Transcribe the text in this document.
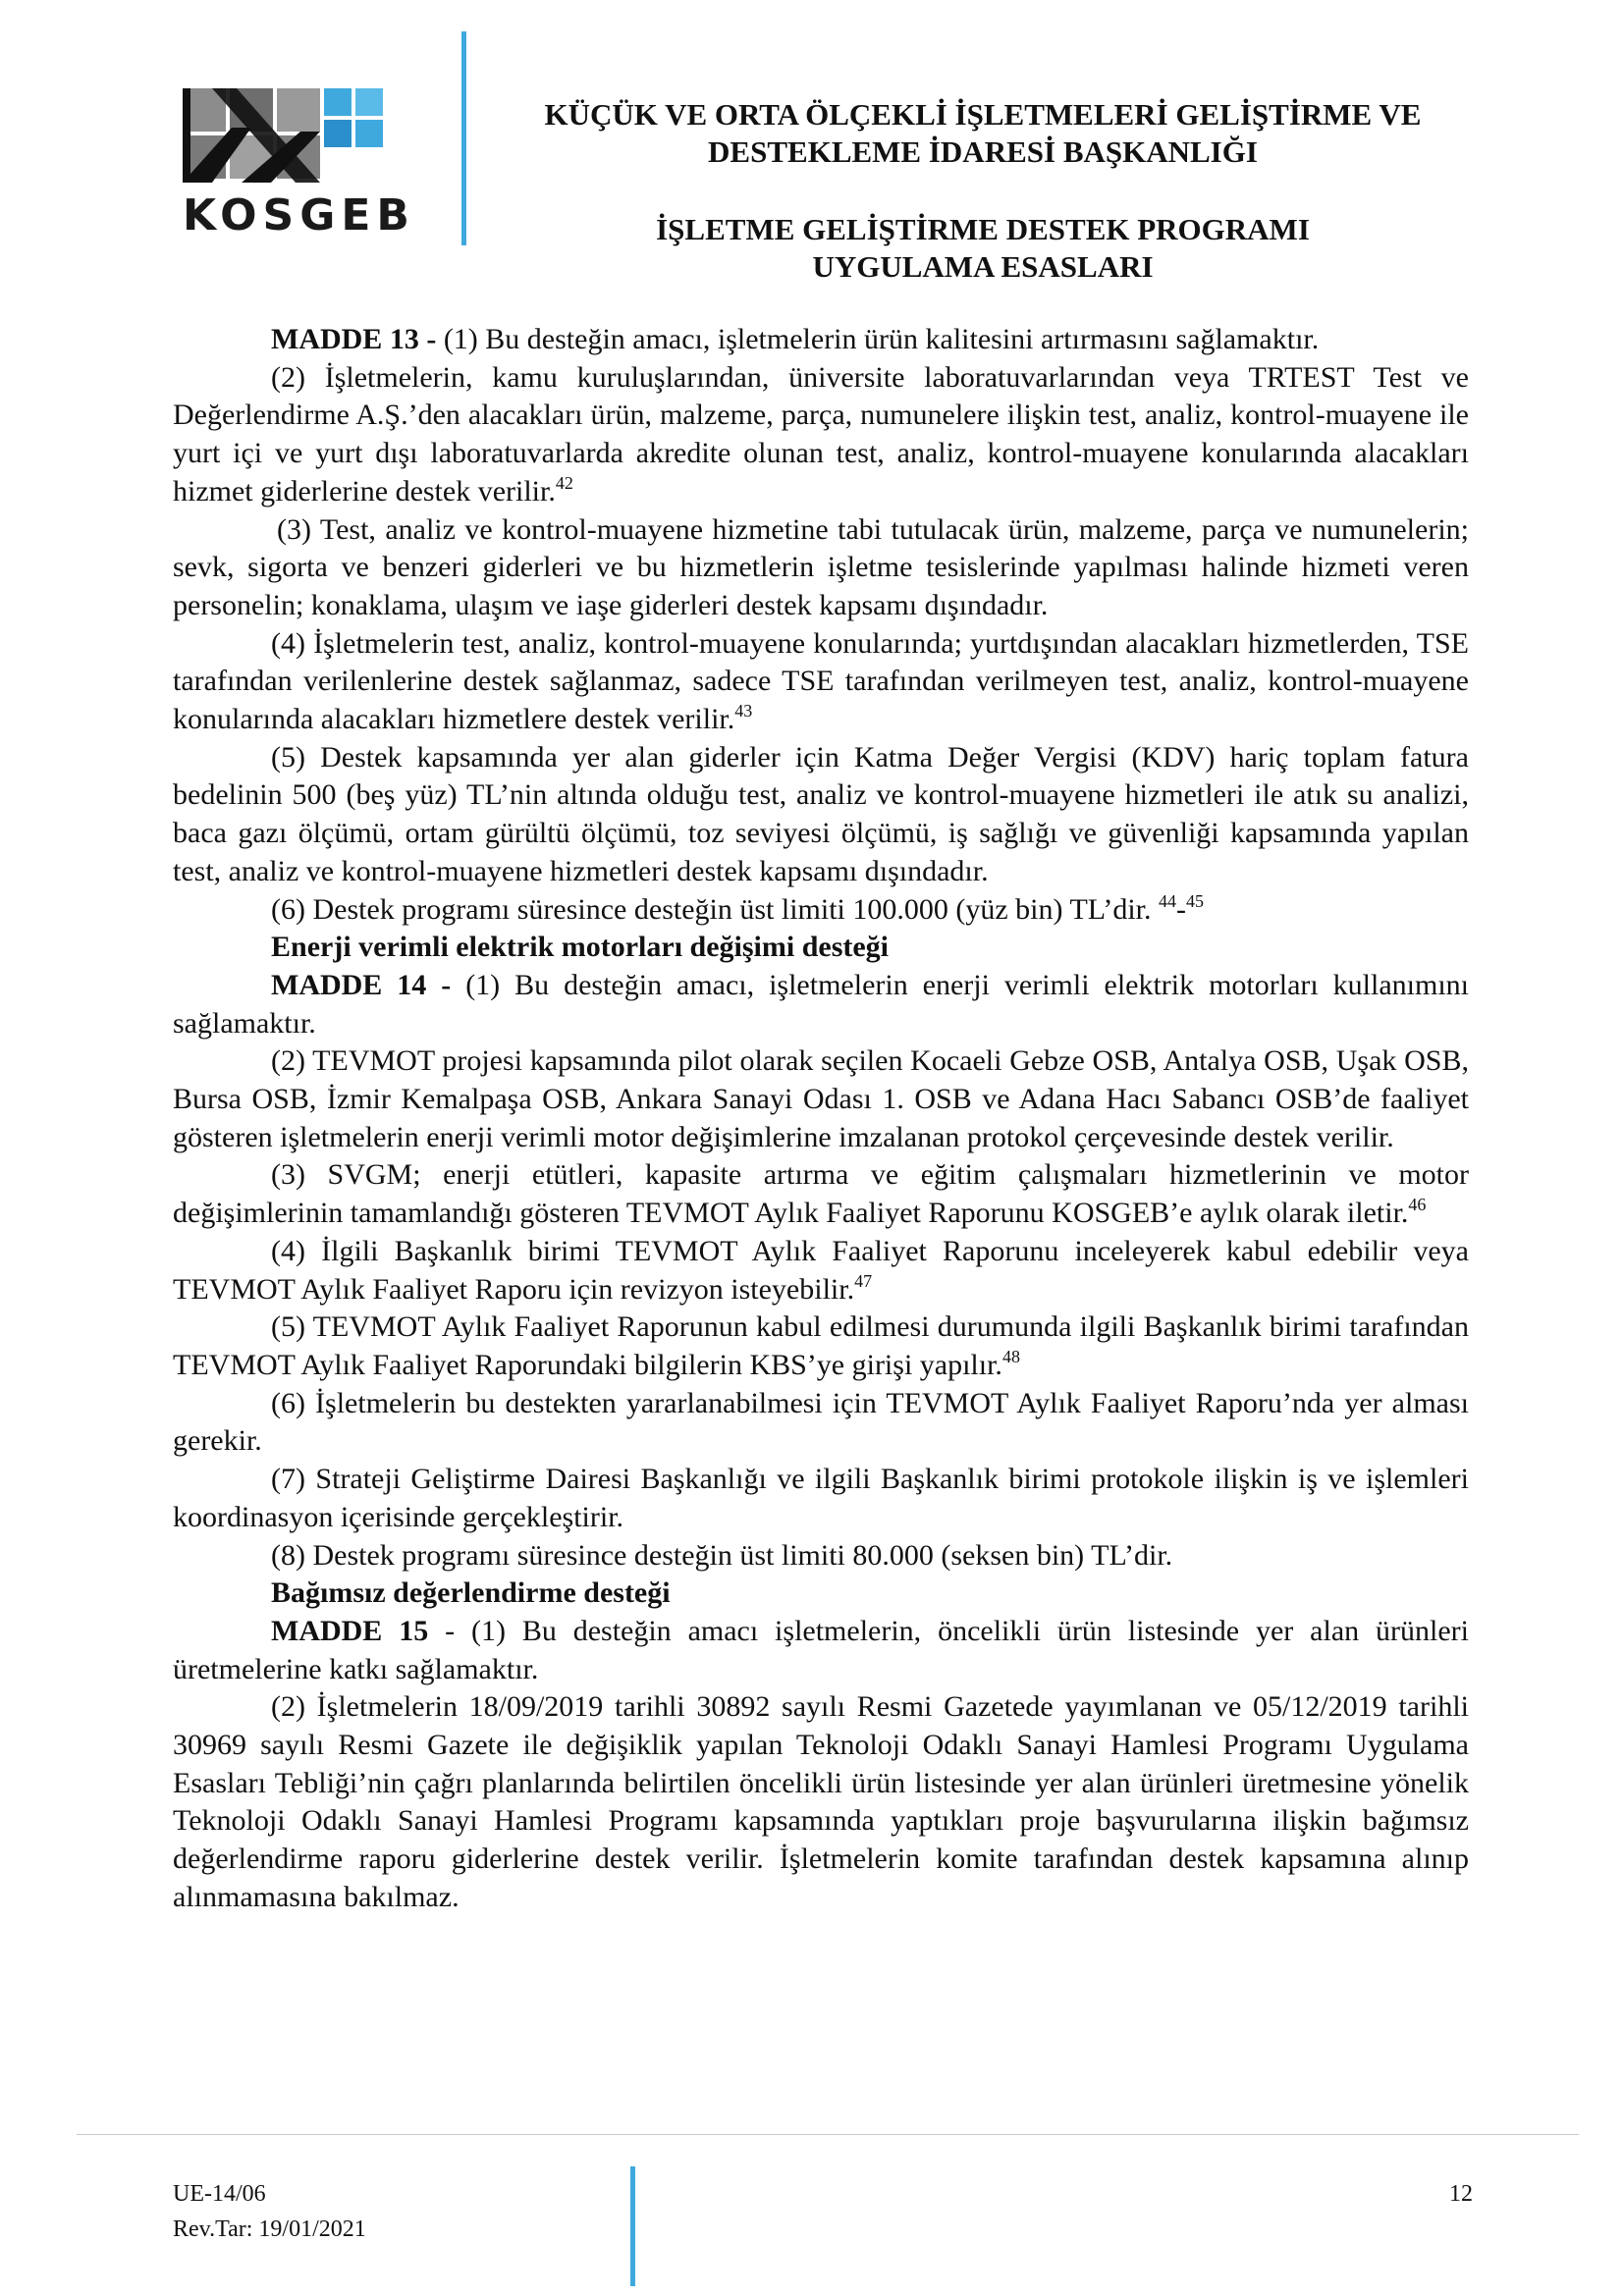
KOSGEB
KÜÇÜK VE ORTA ÖLÇEKLİ İŞLETMELERİ GELİŞTİRME VE
DESTEKLEME İDARESİ BAŞKANLIĞI
İŞLETME GELİŞTİRME DESTEK PROGRAMI
UYGULAMA ESASLARI

MADDE 13 - (1) Bu desteğin amacı, işletmelerin ürün kalitesini artırmasını sağlamaktır.

(2) İşletmelerin, kamu kuruluşlarından, üniversite laboratuvarlarından veya TRTEST Test ve Değerlendirme A.Ş.’den alacakları ürün, malzeme, parça, numunelere ilişkin test, analiz, kontrol-muayene ile yurt içi ve yurt dışı laboratuvarlarda akredite olunan test, analiz, kontrol-muayene konularında alacakları hizmet giderlerine destek verilir.$^{42}$

(3) Test, analiz ve kontrol-muayene hizmetine tabi tutulacak ürün, malzeme, parça ve numunelerin; sevk, sigorta ve benzeri giderleri ve bu hizmetlerin işletme tesislerinde yapılması halinde hizmeti veren personelin; konaklama, ulaşım ve iaşe giderleri destek kapsamı dışındadır.

(4) İşletmelerin test, analiz, kontrol-muayene konularında; yurtdışından alacakları hizmetlerden, TSE tarafından verilenlerine destek sağlanmaz, sadece TSE tarafından verilmeyen test, analiz, kontrol-muayene konularında alacakları hizmetlere destek verilir.$^{43}$

(5) Destek kapsamında yer alan giderler için Katma Değer Vergisi (KDV) hariç toplam fatura bedelinin 500 (beş yüz) TL’nin altında olduğu test, analiz ve kontrol-muayene hizmetleri ile atık su analizi, baca gazı ölçümü, ortam gürültü ölçümü, toz seviyesi ölçümü, iş sağlığı ve güvenliği kapsamında yapılan test, analiz ve kontrol-muayene hizmetleri destek kapsamı dışındadır.

(6) Destek programı süresince desteğin üst limiti 100.000 (yüz bin) TL’dir. $^{44}$-$^{45}$

Enerji verimli elektrik motorları değişimi desteği

MADDE 14 - (1) Bu desteğin amacı, işletmelerin enerji verimli elektrik motorları kullanımını sağlamaktır.

(2) TEVMOT projesi kapsamında pilot olarak seçilen Kocaeli Gebze OSB, Antalya OSB, Uşak OSB, Bursa OSB, İzmir Kemalpaşa OSB, Ankara Sanayi Odası 1. OSB ve Adana Hacı Sabancı OSB’de faaliyet gösteren işletmelerin enerji verimli motor değişimlerine imzalanan protokol çerçevesinde destek verilir.

(3) SVGM; enerji etütleri, kapasite artırma ve eğitim çalışmaları hizmetlerinin ve motor değişimlerinin tamamlandığı gösteren TEVMOT Aylık Faaliyet Raporunu KOSGEB’e aylık olarak iletir.$^{46}$

(4) İlgili Başkanlık birimi TEVMOT Aylık Faaliyet Raporunu inceleyerek kabul edebilir veya TEVMOT Aylık Faaliyet Raporu için revizyon isteyebilir.$^{47}$

(5) TEVMOT Aylık Faaliyet Raporunun kabul edilmesi durumunda ilgili Başkanlık birimi tarafından TEVMOT Aylık Faaliyet Raporundaki bilgilerin KBS’ye girişi yapılır.$^{48}$

(6) İşletmelerin bu destekten yararlanabilmesi için TEVMOT Aylık Faaliyet Raporu’nda yer alması gerekir.

(7) Strateji Geliştirme Dairesi Başkanlığı ve ilgili Başkanlık birimi protokole ilişkin iş ve işlemleri koordinasyon içerisinde gerçekleştirir.

(8) Destek programı süresince desteğin üst limiti 80.000 (seksen bin) TL’dir.

Bağımsız değerlendirme desteği

MADDE 15 - (1) Bu desteğin amacı işletmelerin, öncelikli ürün listesinde yer alan ürünleri üretmelerine katkı sağlamaktır.

(2) İşletmelerin 18/09/2019 tarihli 30892 sayılı Resmi Gazetede yayımlanan ve 05/12/2019 tarihli 30969 sayılı Resmi Gazete ile değişiklik yapılan Teknoloji Odaklı Sanayi Hamlesi Programı Uygulama Esasları Tebliği’nin çağrı planlarında belirtilen öncelikli ürün listesinde yer alan ürünleri üretmesine yönelik Teknoloji Odaklı Sanayi Hamlesi Programı kapsamında yaptıkları proje başvurularına ilişkin bağımsız değerlendirme raporu giderlerine destek verilir. İşletmelerin komite tarafından destek kapsamına alınıp alınmamasına bakılmaz.

UE-14/06
Rev.Tar: 19/01/2021
12
